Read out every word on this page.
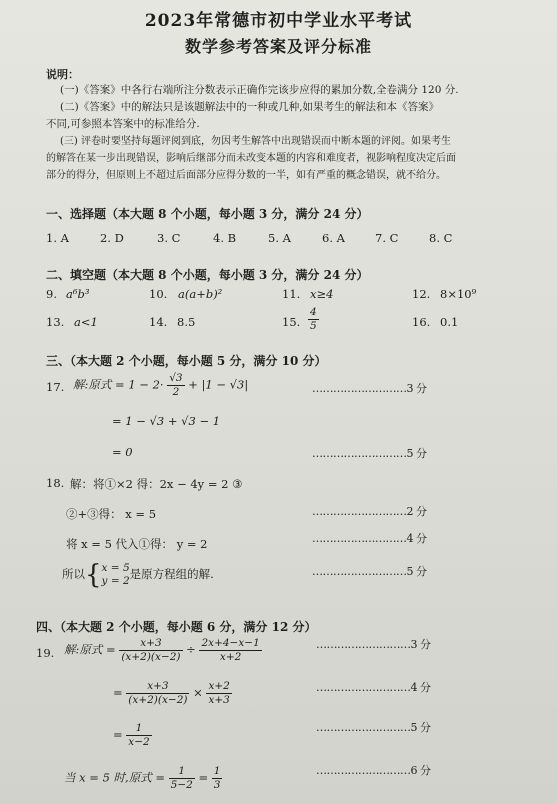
2023年常德市初中学业水平考试
数学参考答案及评分标准
说明：
(一)《答案》中各行右端所注分数表示正确作完该步应得的累加分数,全卷满分 120 分.
(二)《答案》中的解法只是该题解法中的一种或几种,如果考生的解法和本《答案》
不同,可参照本答案中的标准给分.
(三) 评卷时要坚持每题评阅到底，勿因考生解答中出现错误而中断本题的评阅。如果考生
的解答在某一步出现错误，影响后继部分而未改变本题的内容和难度者，视影响程度决定后面
部分的得分，但原则上不超过后面部分应得分数的一半，如有严重的概念错误，就不给分。
一、选择题（本大题 8 个小题，每小题 3 分，满分 24 分）
1. A	2. D	3. C	4. B	5. A	6. A	7. C	8. C
二、填空题（本大题 8 个小题，每小题 3 分，满分 24 分）
9. a⁶b³	10. a(a+b)²	11. x≥4	12. 8×10⁹
13. a<1	14. 8.5	15. $\frac{4}{5}$	16. 0.1
三、（本大题 2 个小题，每小题 5 分，满分 10 分）
17. 解:原式 = $1 - 2\cdot \frac{√3}{2} + |1 - √3|$	………………………3 分
= 1 − √3 + √3 − 1
= 0	………………………5 分
18. 解：将①×2 得：2x − 4y = 2 ③
②+③得： x = 5	………………………2 分
将 x = 5 代入①得： y = 2	………………………4 分
所以{ x = 5
y = 2 是原方程组的解.	………………………5 分
四、（本大题 2 个小题，每小题 6 分，满分 12 分）
19. 解:原式 = $\frac{x+3}{(x+2)(x-2)} \div \frac{2x+4-x-1}{x+2}$	………………………3 分
= $\frac{x+3}{(x+2)(x-2)} \times \frac{x+2}{x+3}$	………………………4 分
= $\frac{1}{x-2}$	………………………5 分
当 x = 5 时,原式 = $\frac{1}{5-2} = \frac{1}{3}$	………………………6 分
